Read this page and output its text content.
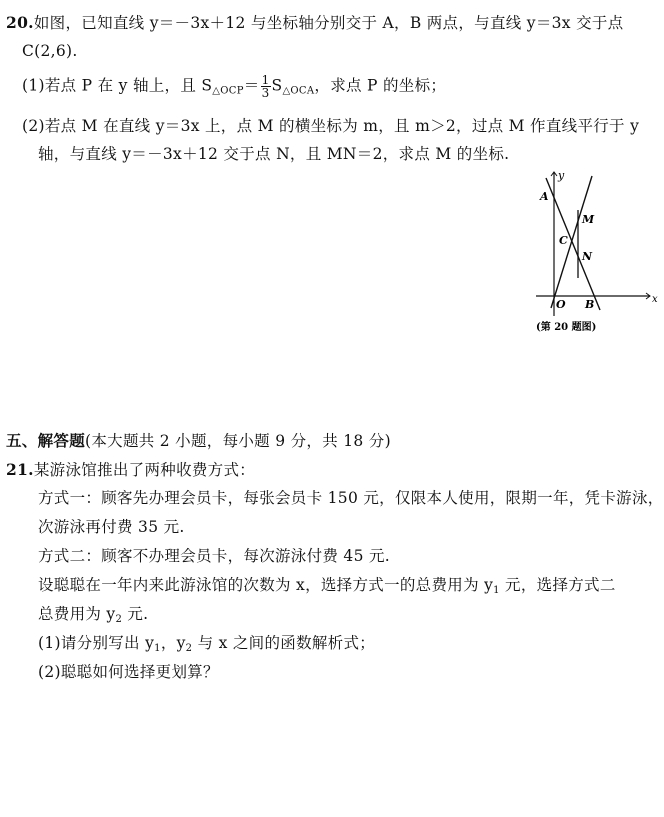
20.如图，已知直线 y＝－3x＋12 与坐标轴分别交于 A，B 两点，与直线 y＝3x 交于点
C(2,6).
(1)若点 P 在 y 轴上，且 $S_{\triangle OCP}= \frac{1}{3} S_{\triangle OCA}$，求点 P 的坐标；
(2)若点 M 在直线 y＝3x 上，点 M 的横坐标为 m，且 m＞2，过点 M 作直线平行于 y
轴，与直线 y＝－3x＋12 交于点 N，且 MN＝2，求点 M 的坐标.
y
x
A
M
C
N
O B
(第 20 题图)
五、解答题(本大题共 2 小题，每小题 9 分，共 18 分)
21.某游泳馆推出了两种收费方式：
方式一：顾客先办理会员卡，每张会员卡 150 元，仅限本人使用，限期一年，凭卡游泳，
次游泳再付费 35 元.
方式二：顾客不办理会员卡，每次游泳付费 45 元.
设聪聪在一年内来此游泳馆的次数为 x，选择方式一的总费用为 $y_1$ 元，选择方式二
总费用为 $y_2$ 元.
(1)请分别写出 $y_1$，$y_2$ 与 x 之间的函数解析式；
(2)聪聪如何选择更划算？
